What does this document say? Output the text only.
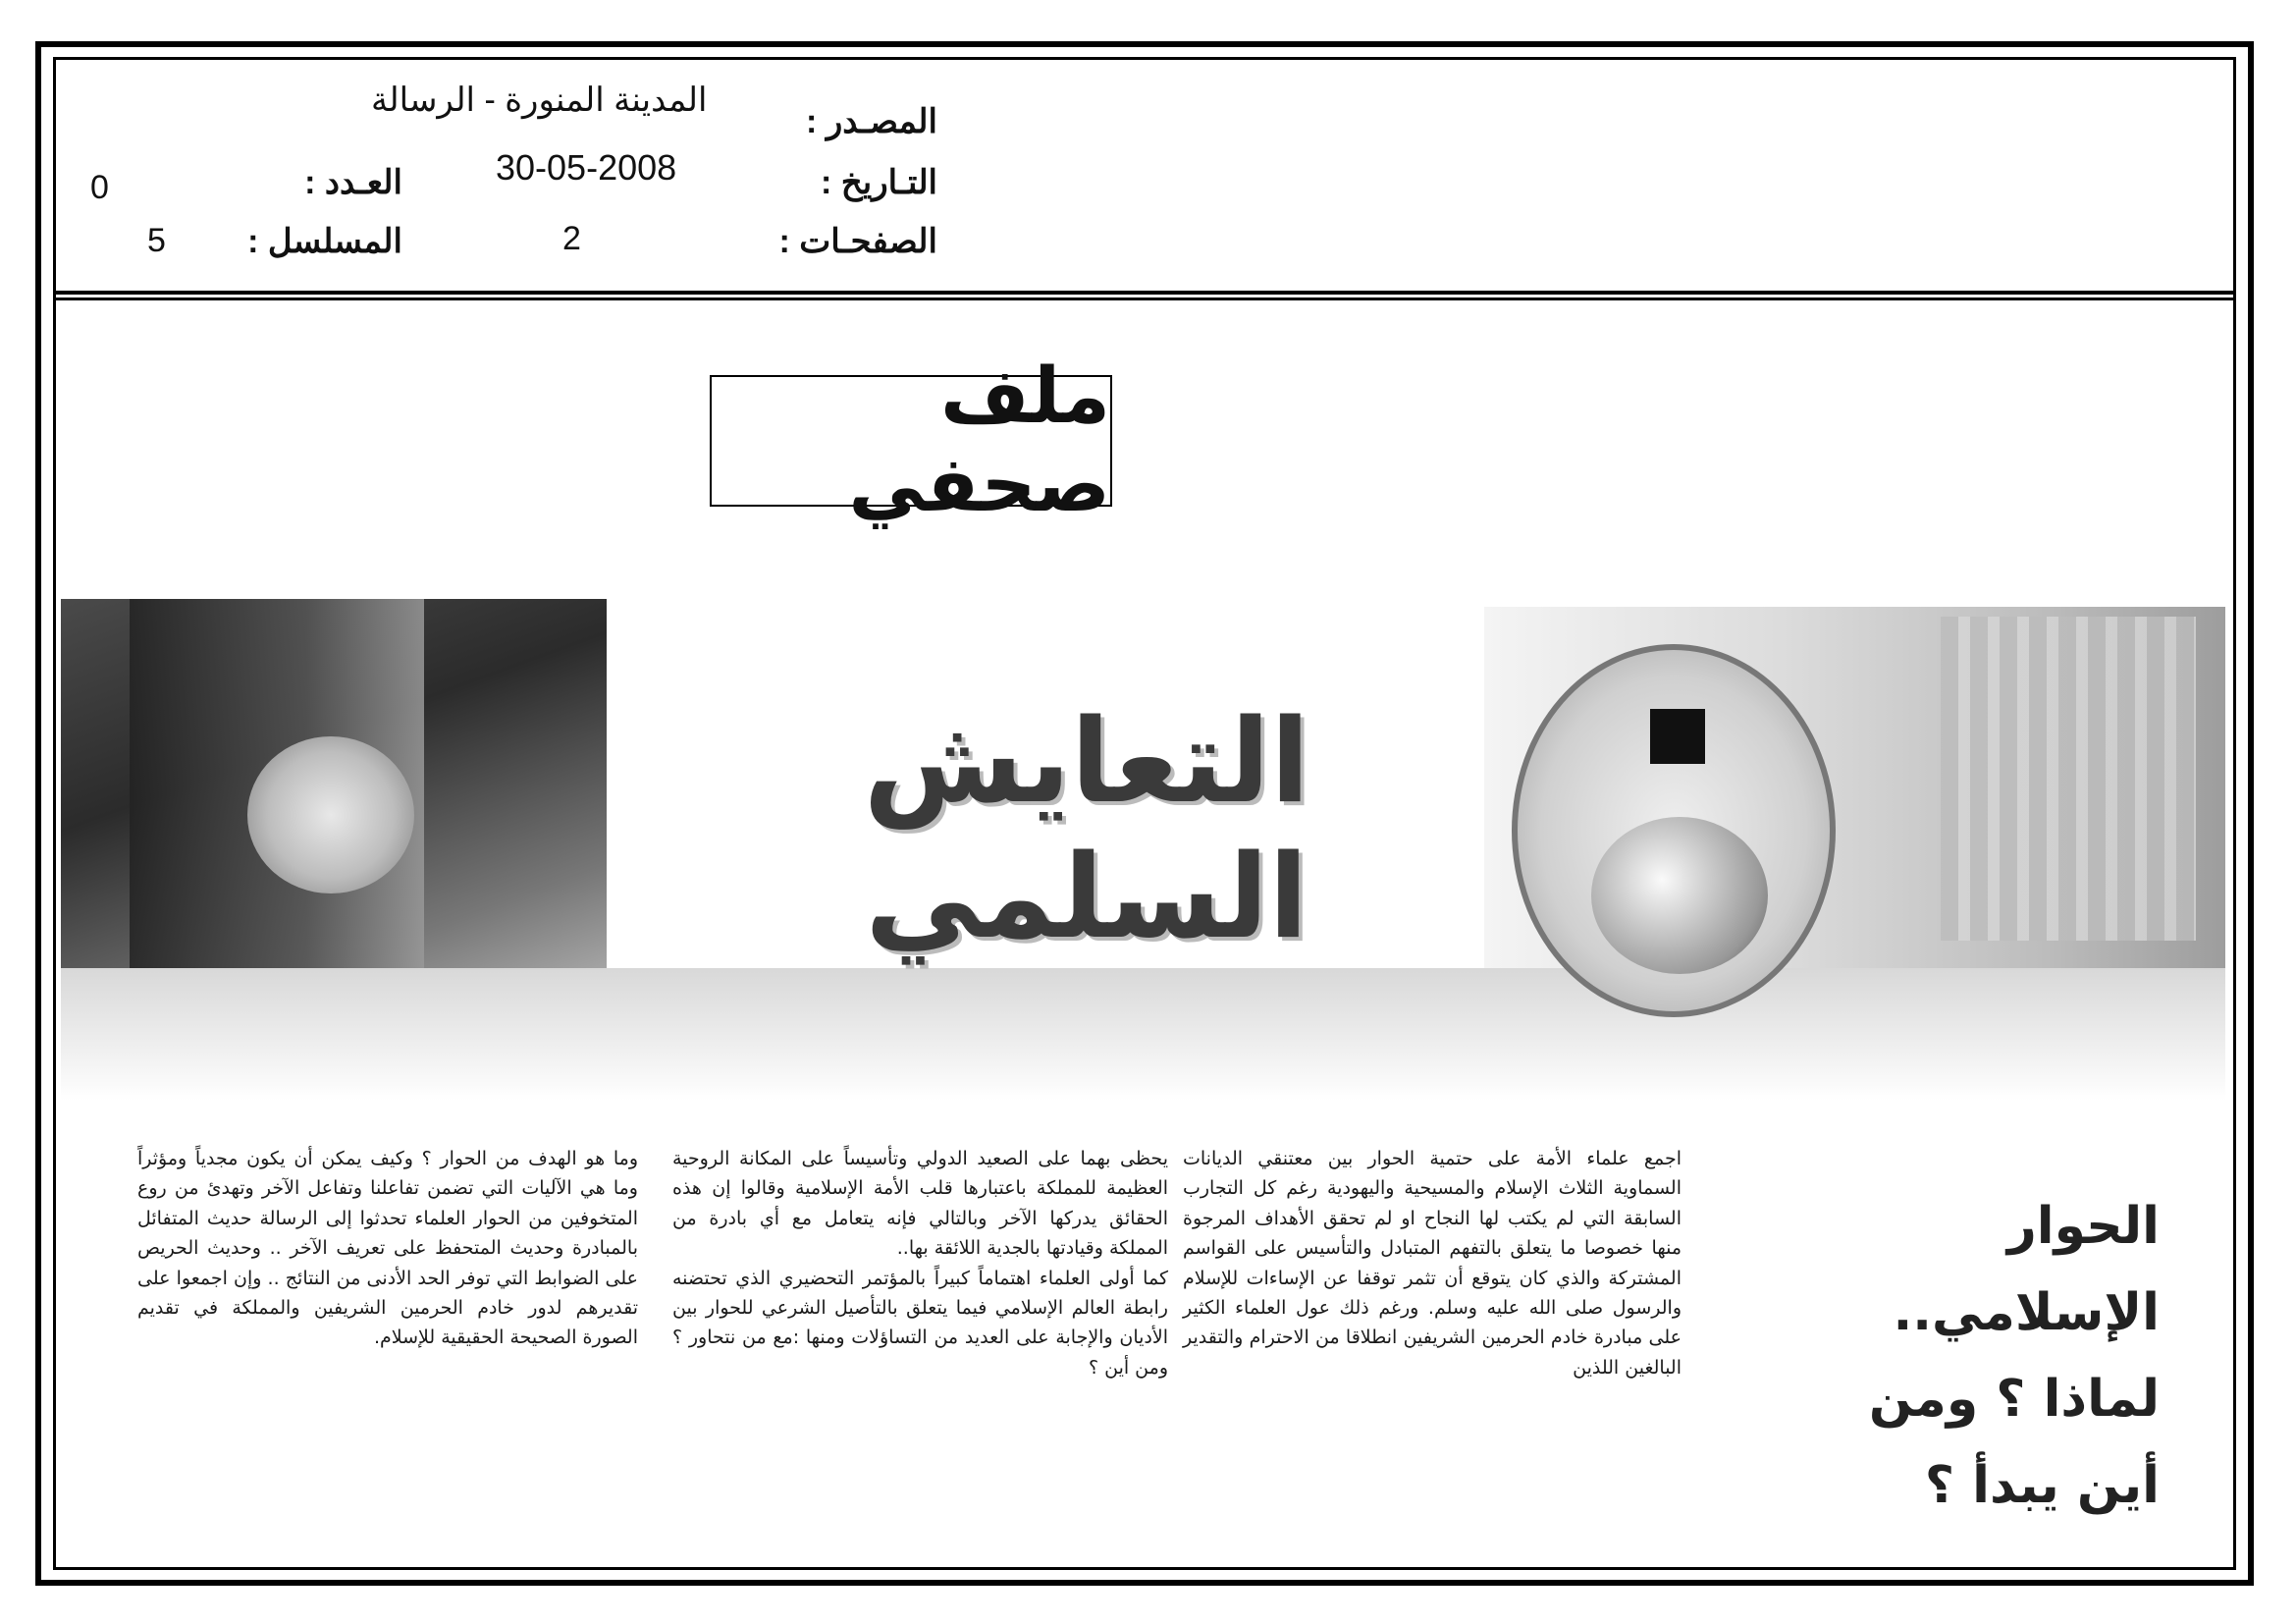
المدينة المنورة - الرسالة
المصـدر :
30-05-2008	التـاريخ :
2	الصفحـات :
0	العـدد :
5	المسلسل :
ملف صحفي
التعايش السلمي
الحوار الإسلامي..
لماذا ؟ ومن أين يبدأ ؟

اجمع علماء الأمة على حتمية الحوار بين معتنقي الديانات السماوية الثلاث الإسلام والمسيحية واليهودية رغم كل التجارب السابقة التي لم يكتب لها النجاح او لم تحقق الأهداف المرجوة منها خصوصا ما يتعلق بالتفهم المتبادل والتأسيس على القواسم المشتركة والذي كان يتوقع أن تثمر توقفا عن الإساءات للإسلام والرسول صلى الله عليه وسلم. ورغم ذلك عول العلماء الكثير على مبادرة خادم الحرمين الشريفين انطلاقا من الاحترام والتقدير البالغين اللذين

يحظى بهما على الصعيد الدولي وتأسيساً على المكانة الروحية العظيمة للمملكة باعتبارها قلب الأمة الإسلامية وقالوا إن هذه الحقائق يدركها الآخر وبالتالي فإنه يتعامل مع أي بادرة من المملكة وقيادتها بالجدية اللائقة بها..

كما أولى العلماء اهتماماً كبيراً بالمؤتمر التحضيري الذي تحتضنه رابطة العالم الإسلامي فيما يتعلق بالتأصيل الشرعي للحوار بين الأديان والإجابة على العديد من التساؤلات ومنها :مع من نتحاور ؟ ومن أين ؟

وما هو الهدف من الحوار ؟ وكيف يمكن أن يكون مجدياً ومؤثراً وما هي الآليات التي تضمن تفاعلنا وتفاعل الآخر وتهدئ من روع المتخوفين من الحوار العلماء تحدثوا إلى الرسالة حديث المتفائل بالمبادرة وحديث المتحفظ على تعريف الآخر .. وحديث الحريص على الضوابط التي توفر الحد الأدنى من النتائج .. وإن اجمعوا على تقديرهم لدور خادم الحرمين الشريفين والمملكة في تقديم الصورة الصحيحة الحقيقية للإسلام.
